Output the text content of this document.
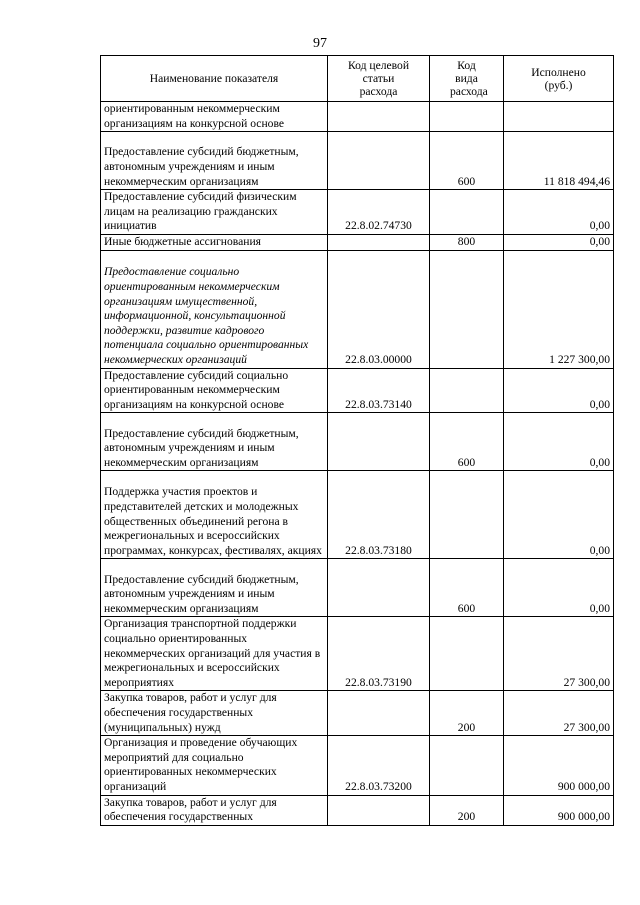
97
Наименование показателя	Код целевой статьи расхода	Код вида расхода	Исполнено (руб.)

ориентированным некоммерческим организациям на конкурсной основе			
Предоставление субсидий бюджетным, автономным учреждениям и иным некоммерческим организациям		600	11 818 494,46
Предоставление субсидий физическим лицам на реализацию гражданских инициатив	22.8.02.74730		0,00
Иные бюджетные ассигнования		800	0,00
Предоставление социально ориентированным некоммерческим организациям имущественной, информационной, консультационной поддержки, развитие кадрового потенциала социально ориентированных некоммерческих организаций	22.8.03.00000		1 227 300,00
Предоставление субсидий социально ориентированным некоммерческим организациям на конкурсной основе	22.8.03.73140		0,00
Предоставление субсидий бюджетным, автономным учреждениям и иным некоммерческим организациям		600	0,00
Поддержка участия проектов и представителей детских и молодежных общественных объединений регона в межрегиональных и всероссийских программах, конкурсах, фестивалях, акциях	22.8.03.73180		0,00
Предоставление субсидий бюджетным, автономным учреждениям и иным некоммерческим организациям		600	0,00
Организация транспортной поддержки социально ориентированных некоммерческих организаций для участия в межрегиональных и всероссийских мероприятиях	22.8.03.73190		27 300,00
Закупка товаров, работ и услуг для обеспечения государственных (муниципальных) нужд		200	27 300,00
Организация и проведение обучающих мероприятий для социально ориентированных некоммерческих организаций	22.8.03.73200		900 000,00
Закупка товаров, работ и услуг для обеспечения государственных		200	900 000,00
